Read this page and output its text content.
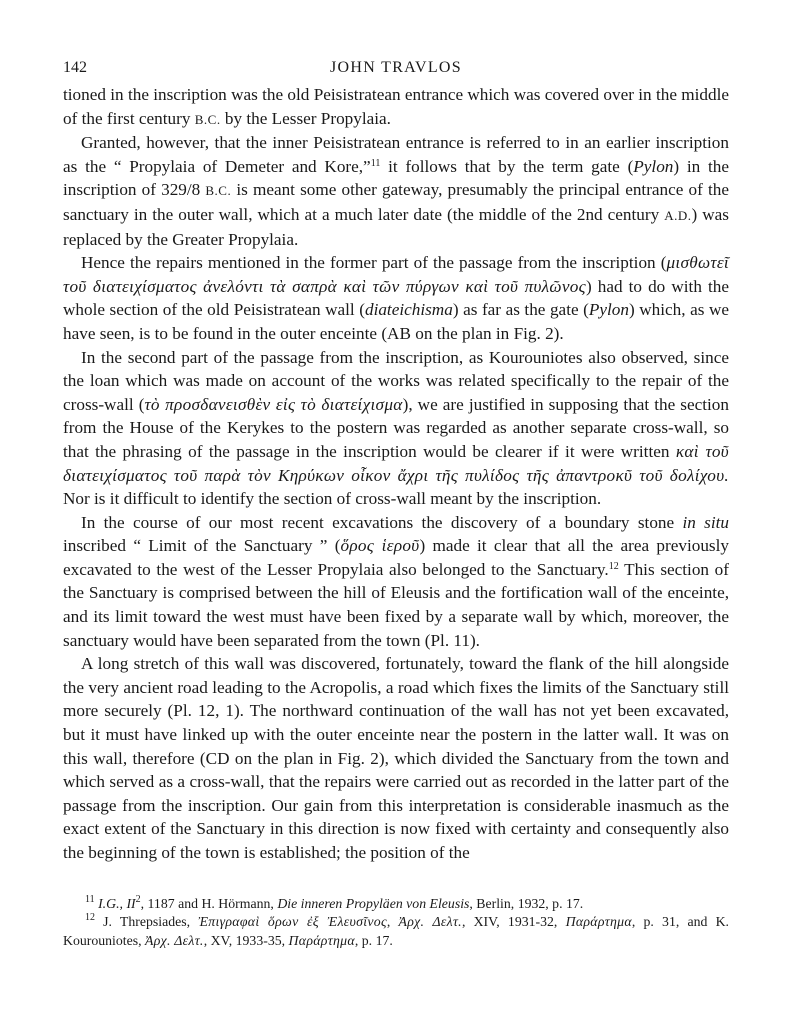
142	JOHN TRAVLOS

tioned in the inscription was the old Peisistratean entrance which was covered over in the middle of the first century B.C. by the Lesser Propylaia.

Granted, however, that the inner Peisistratean entrance is referred to in an earlier inscription as the “ Propylaia of Demeter and Kore,”$^{11}$ it follows that by the term gate (Pylon) in the inscription of 329/8 B.C. is meant some other gateway, presumably the principal entrance of the sanctuary in the outer wall, which at a much later date (the middle of the 2nd century A.D.) was replaced by the Greater Propylaia.

Hence the repairs mentioned in the former part of the passage from the inscription (μισθωτεῖ τοῦ διατειχίσματος ἀνελόντι τὰ σαπρὰ καὶ τῶν πύργων καὶ τοῦ πυλῶνος) had to do with the whole section of the old Peisistratean wall (diateichisma) as far as the gate (Pylon) which, as we have seen, is to be found in the outer enceinte (AB on the plan in Fig. 2).

In the second part of the passage from the inscription, as Kourouniotes also observed, since the loan which was made on account of the works was related specifically to the repair of the cross-wall (τὸ προσδανεισθὲν εἰς τὸ διατείχισμα), we are justified in supposing that the section from the House of the Kerykes to the postern was regarded as another separate cross-wall, so that the phrasing of the passage in the inscription would be clearer if it were written καὶ τοῦ διατειχίσματος τοῦ παρὰ τὸν Κηρύκων οἶκον ἄχρι τῆς πυλίδος τῆς ἀπαντροκῦ τοῦ δολίχου. Nor is it difficult to identify the section of cross-wall meant by the inscription.

In the course of our most recent excavations the discovery of a boundary stone in situ inscribed “ Limit of the Sanctuary ” (ὅρος ἱεροῦ) made it clear that all the area previously excavated to the west of the Lesser Propylaia also belonged to the Sanctuary.$^{12}$ This section of the Sanctuary is comprised between the hill of Eleusis and the fortification wall of the enceinte, and its limit toward the west must have been fixed by a separate wall by which, moreover, the sanctuary would have been separated from the town (Pl. 11).

A long stretch of this wall was discovered, fortunately, toward the flank of the hill alongside the very ancient road leading to the Acropolis, a road which fixes the limits of the Sanctuary still more securely (Pl. 12, 1). The northward continuation of the wall has not yet been excavated, but it must have linked up with the outer enceinte near the postern in the latter wall. It was on this wall, therefore (CD on the plan in Fig. 2), which divided the Sanctuary from the town and which served as a cross-wall, that the repairs were carried out as recorded in the latter part of the passage from the inscription. Our gain from this interpretation is considerable inasmuch as the exact extent of the Sanctuary in this direction is now fixed with certainty and consequently also the beginning of the town is established; the position of the

$^{11}$ I.G., $II^2$, 1187 and H. Hörmann, Die inneren Propyläen von Eleusis, Berlin, 1932, p. 17.

$^{12}$ J. Threpsiades, Ἐπιγραφαὶ ὅρων ἐξ Ἐλευσῖνος, Ἀρχ. Δελτ., XIV, 1931-32, Παράρτημα, p. 31, and K. Kourouniotes, Ἀρχ. Δελτ., XV, 1933-35, Παράρτημα, p. 17.
